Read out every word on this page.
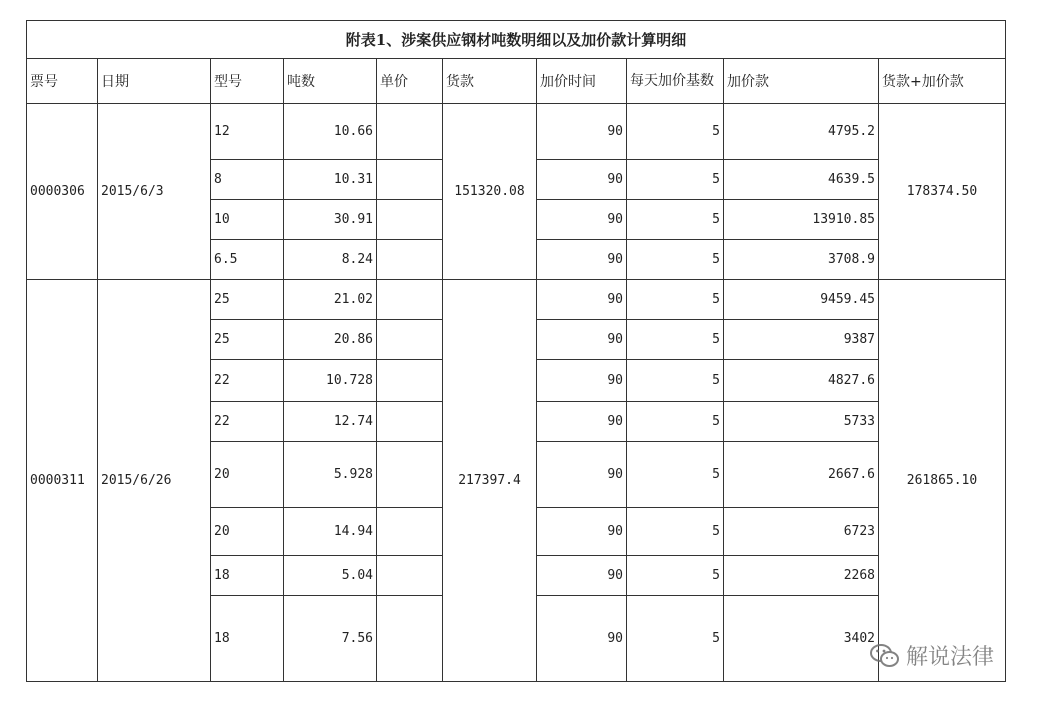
附表1、涉案供应钢材吨数明细以及加价款计算明细									
票号	日期	型号	吨数	单价	货款	加价时间	每天加价基数	加价款	货款+加价款
0000306	2015/6/3	12	10.66		151320.08	90	5	4795.2	178374.50
		8	10.31			90	5	4639.5	
		10	30.91			90	5	13910.85	
		6.5	8.24			90	5	3708.9	
0000311	2015/6/26	25	21.02		217397.4	90	5	9459.45	261865.10
		25	20.86			90	5	9387	
		22	10.728			90	5	4827.6	
		22	12.74			90	5	5733	
		20	5.928			90	5	2667.6	
		20	14.94			90	5	6723	
		18	5.04			90	5	2268	
		18	7.56			90	5	3402	
解说法律
